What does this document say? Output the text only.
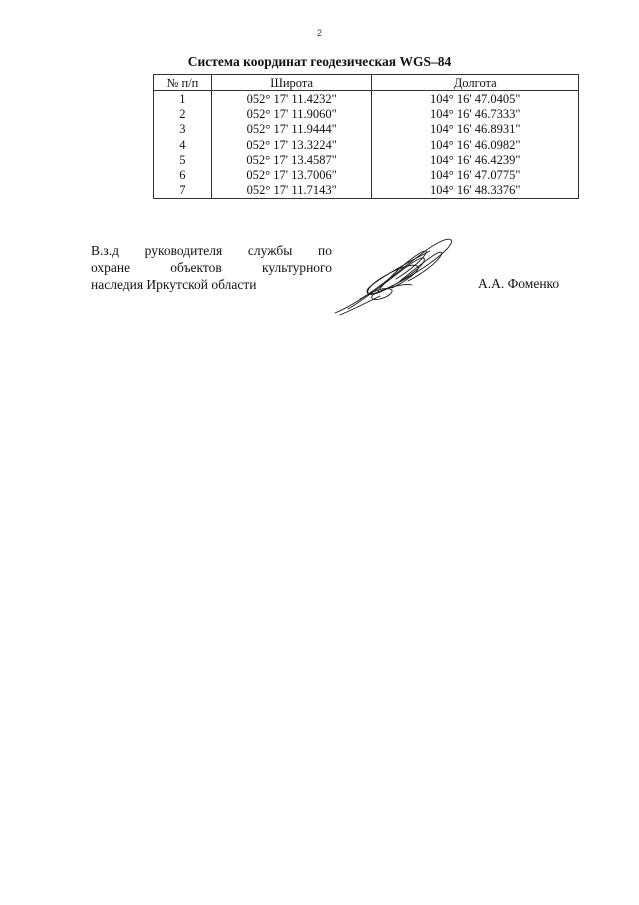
2
Система координат геодезическая WGS–84
№ п/п	Широта	Долгота
1	052° 17' 11.4232"	104° 16' 47.0405"
2	052° 17' 11.9060"	104° 16' 46.7333"
3	052° 17' 11.9444"	104° 16' 46.8931"
4	052° 17' 13.3224"	104° 16' 46.0982"
5	052° 17' 13.4587"	104° 16' 46.4239"
6	052° 17' 13.7006"	104° 16' 47.0775"
7	052° 17' 11.7143"	104° 16' 48.3376"
В.з.д руководителя службы по
охране объектов культурного
наследия Иркутской области	А.А. Фоменко
